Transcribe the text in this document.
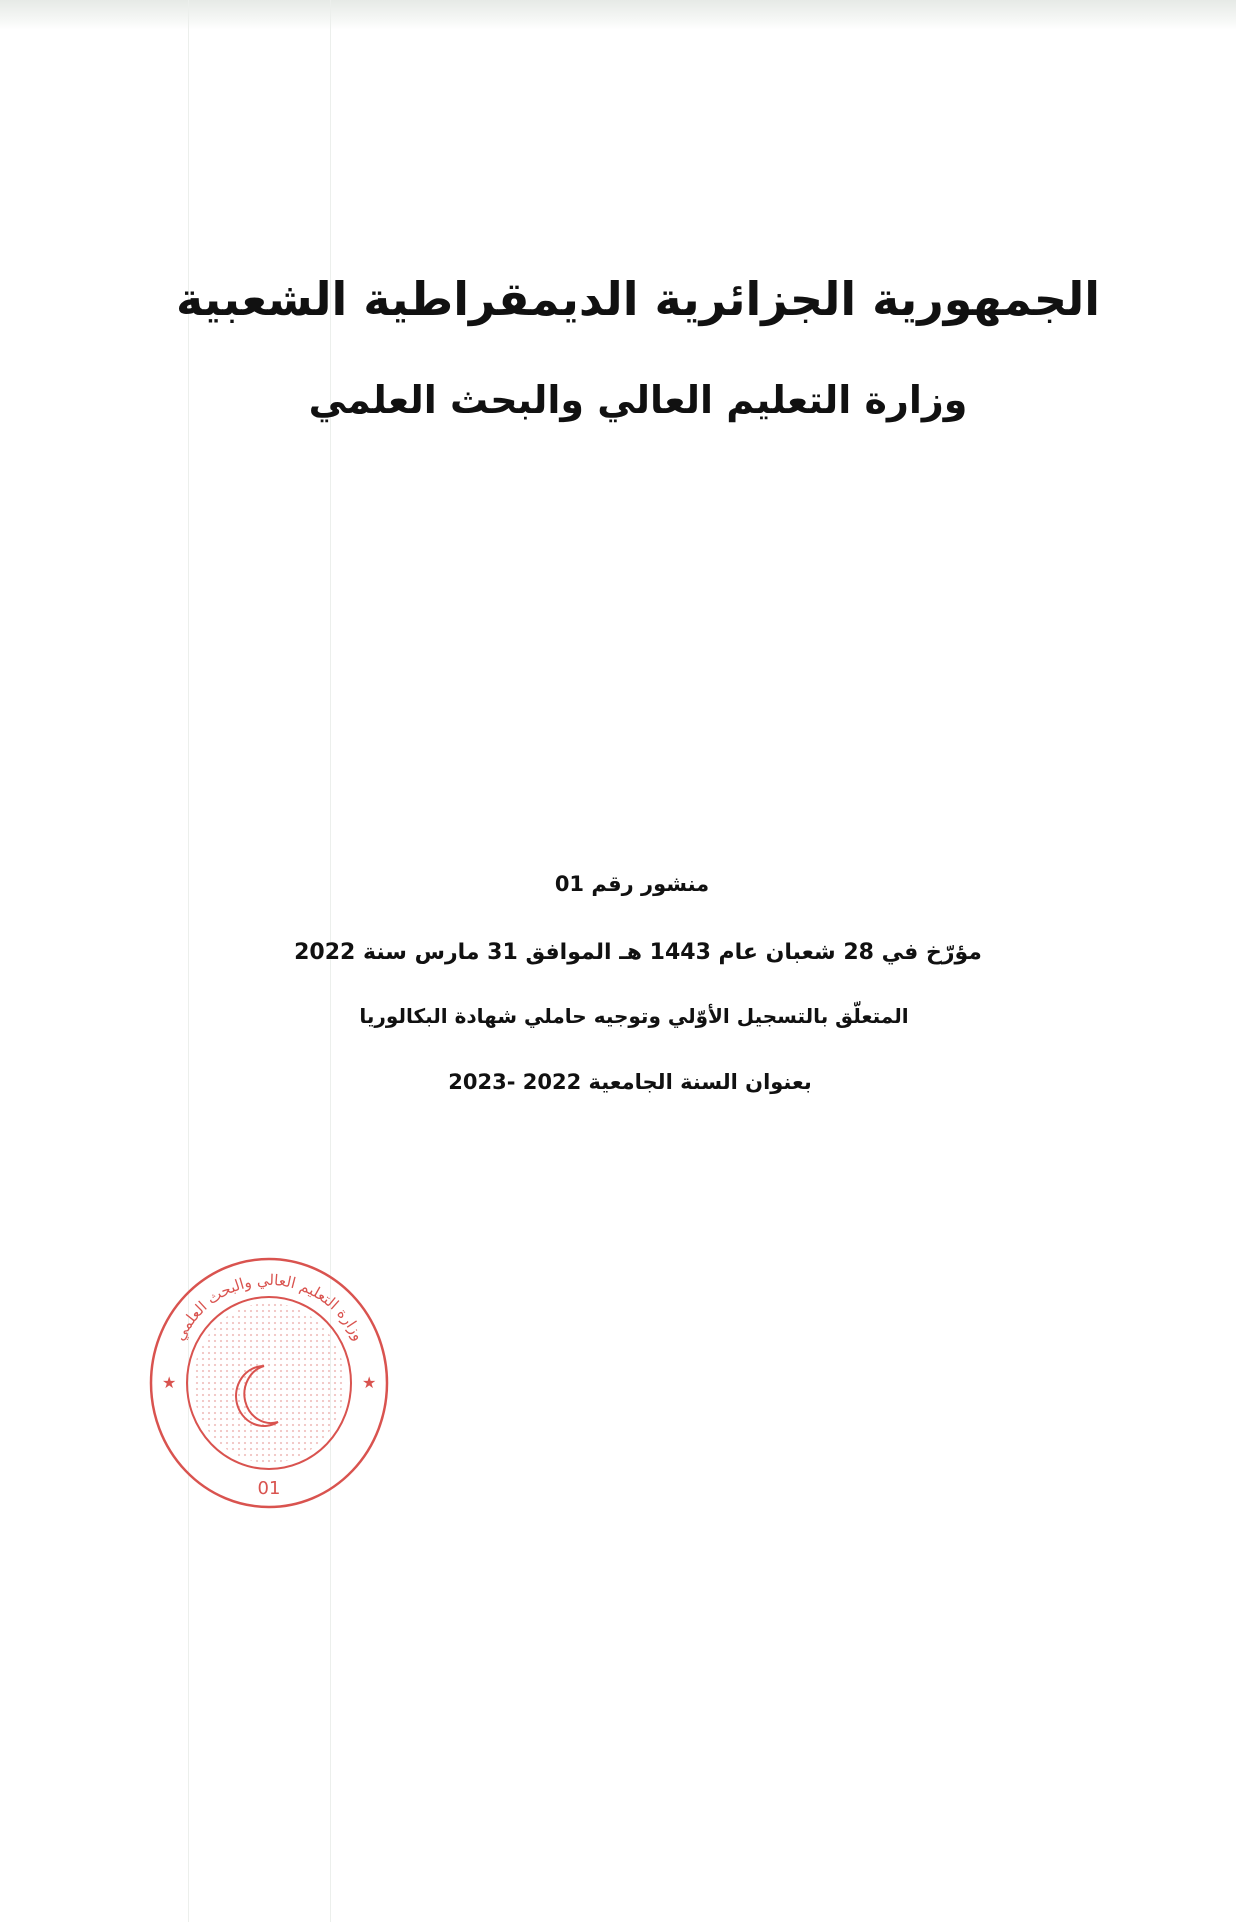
الجمهورية الجزائرية الديمقراطية الشعبية
وزارة التعليم العالي والبحث العلمي
منشور رقم 01
مؤرّخ في 28 شعبان عام 1443 هـ الموافق 31 مارس سنة 2022
المتعلّق بالتسجيل الأوّلي وتوجيه حاملي شهادة البكالوريا
بعنوان السنة الجامعية 2022 -2023
وزارة التعليم العالي والبحث العلمي
★	★
01
